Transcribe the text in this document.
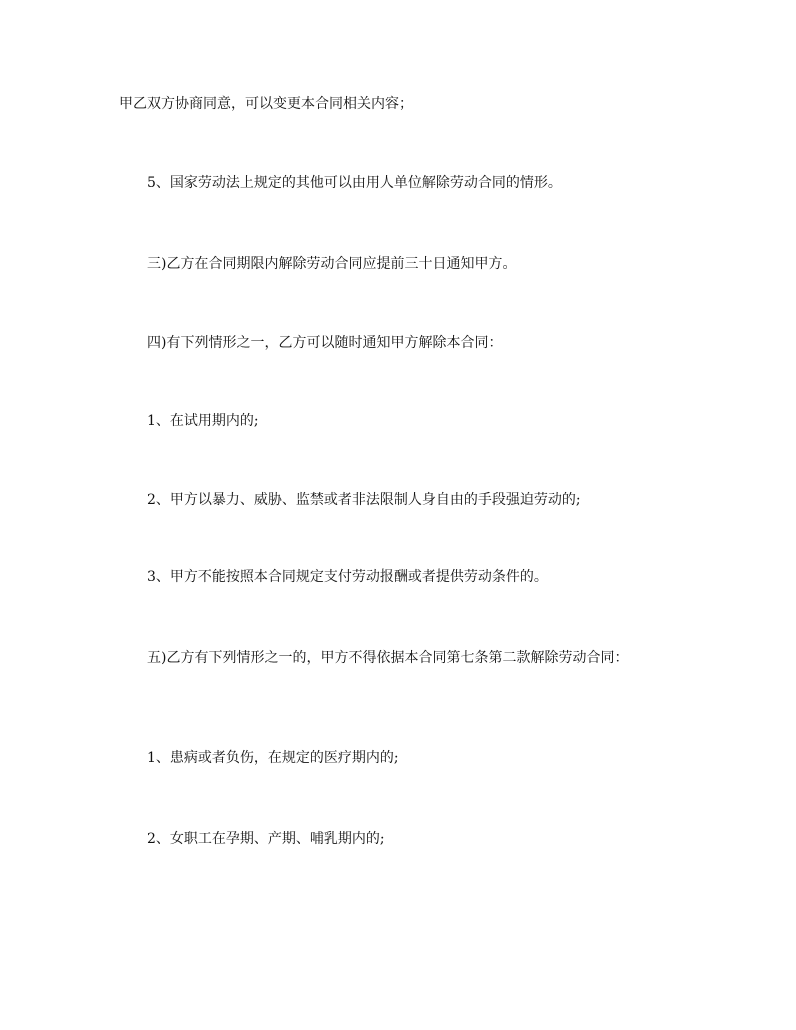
甲乙双方协商同意，可以变更本合同相关内容；

5、国家劳动法上规定的其他可以由用人单位解除劳动合同的情形。

三)乙方在合同期限内解除劳动合同应提前三十日通知甲方。

四)有下列情形之一，乙方可以随时通知甲方解除本合同：

1、在试用期内的;

2、甲方以暴力、威胁、监禁或者非法限制人身自由的手段强迫劳动的;

3、甲方不能按照本合同规定支付劳动报酬或者提供劳动条件的。

五)乙方有下列情形之一的，甲方不得依据本合同第七条第二款解除劳动合同：

1、患病或者负伤，在规定的医疗期内的;

2、女职工在孕期、产期、哺乳期内的;
